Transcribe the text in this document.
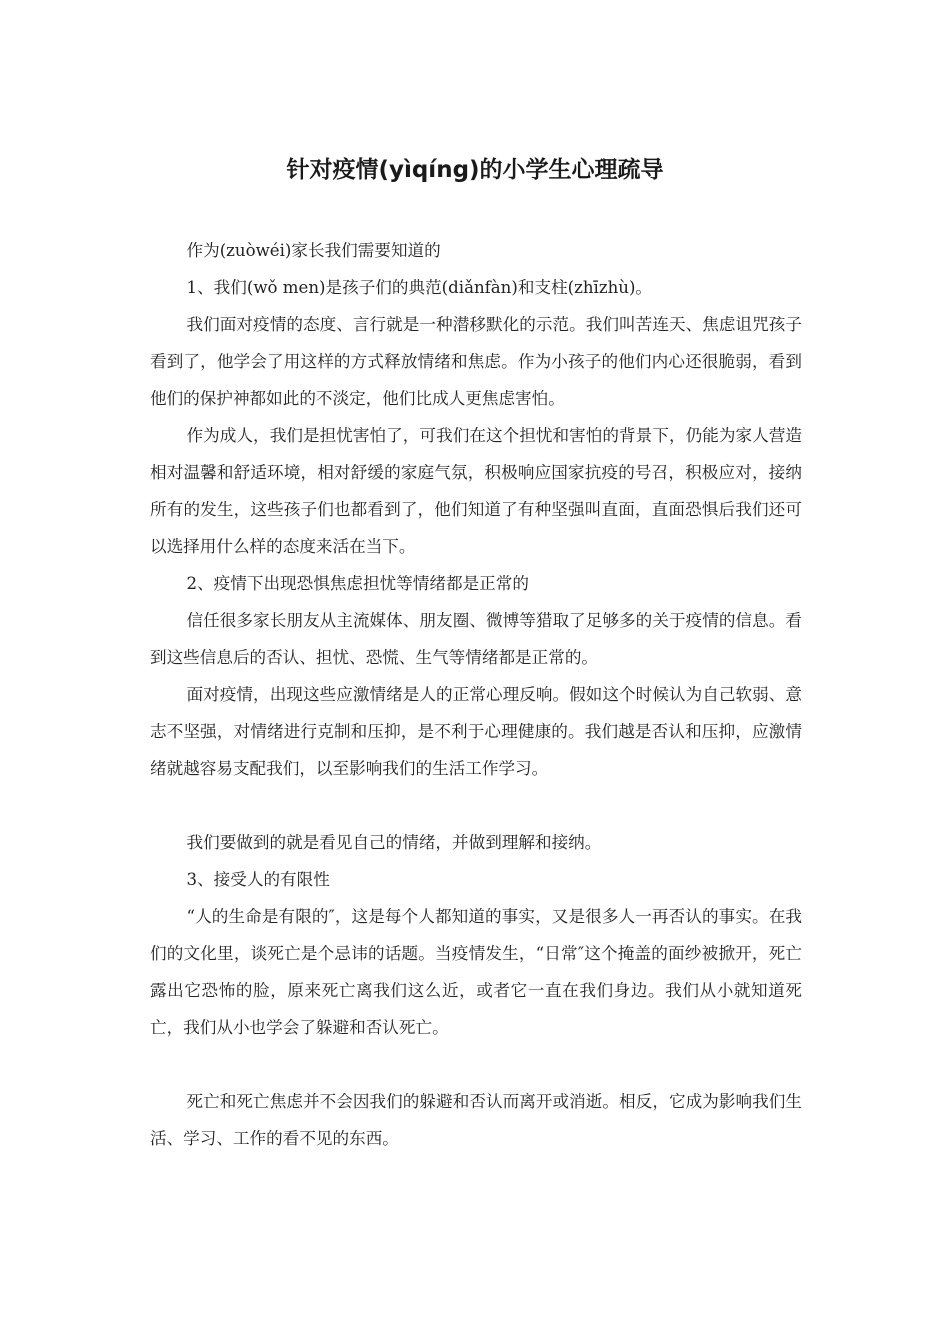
针对疫情(yìqíng)的小学生心理疏导

作为(zuòwéi)家长我们需要知道的

1、我们(wǒ men)是孩子们的典范(diǎnfàn)和支柱(zhīzhù)。

我们面对疫情的态度、言行就是一种潜移默化的示范。我们叫苦连天、焦虑诅咒孩子看到了，他学会了用这样的方式释放情绪和焦虑。作为小孩子的他们内心还很脆弱，看到他们的保护神都如此的不淡定，他们比成人更焦虑害怕。

作为成人，我们是担忧害怕了，可我们在这个担忧和害怕的背景下，仍能为家人营造相对温馨和舒适环境，相对舒缓的家庭气氛，积极响应国家抗疫的号召，积极应对，接纳所有的发生，这些孩子们也都看到了，他们知道了有种坚强叫直面，直面恐惧后我们还可以选择用什么样的态度来活在当下。

2、疫情下出现恐惧焦虑担忧等情绪都是正常的

信任很多家长朋友从主流媒体、朋友圈、微博等猎取了足够多的关于疫情的信息。看到这些信息后的否认、担忧、恐慌、生气等情绪都是正常的。

面对疫情，出现这些应激情绪是人的正常心理反响。假如这个时候认为自己软弱、意志不坚强，对情绪进行克制和压抑，是不利于心理健康的。我们越是否认和压抑，应激情绪就越容易支配我们，以至影响我们的生活工作学习。

我们要做到的就是看见自己的情绪，并做到理解和接纳。

3、接受人的有限性

“人的生命是有限的″，这是每个人都知道的事实，又是很多人一再否认的事实。在我们的文化里，谈死亡是个忌讳的话题。当疫情发生，“日常″这个掩盖的面纱被掀开，死亡露出它恐怖的脸，原来死亡离我们这么近，或者它一直在我们身边。我们从小就知道死亡，我们从小也学会了躲避和否认死亡。

死亡和死亡焦虑并不会因我们的躲避和否认而离开或消逝。相反，它成为影响我们生活、学习、工作的看不见的东西。
